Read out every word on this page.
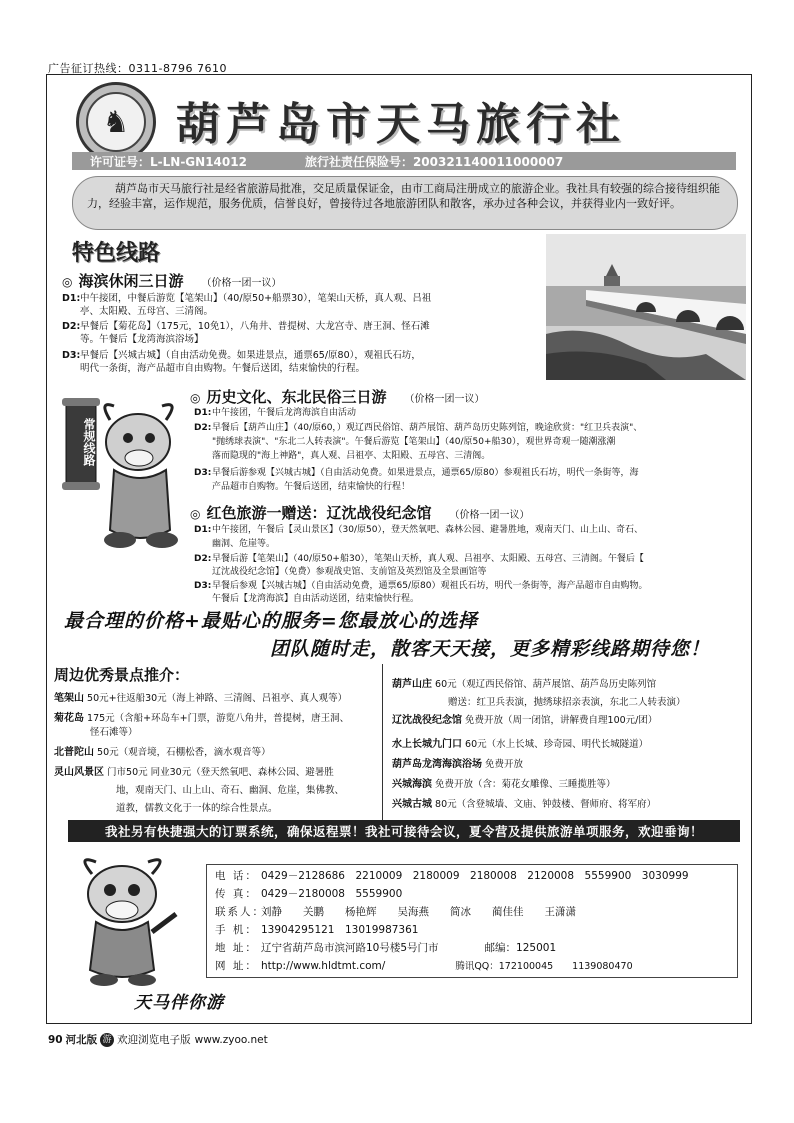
广告征订热线：0311-8796 7610
♞	葫芦岛市天马旅行社
许可证号：L-LN-GN14012	旅行社责任保险号：200321140011000007
葫芦岛市天马旅行社是经省旅游局批准，交足质量保证金，由市工商局注册成立的旅游企业。我社具有较强的综合接待组织能力，经验丰富，运作规范，服务优质，信誉良好，曾接待过各地旅游团队和散客，承办过各种会议，并获得业内一致好评。
特色线路
◎ 海滨休闲三日游 （价格一团一议）
D1:中午接团，中餐后游览【笔架山】（40/原50+船票30），笔架山天桥，真人观、吕祖
亭、太阳殿、五母宫、三清阁。
D2:早餐后【菊花岛】（175元，10免1），八角井、普提树、大龙宫寺、唐王洞、怪石滩
等。午餐后【龙湾海滨浴场】
D3:早餐后【兴城古城】（自由活动免费。如果进景点，通票65/原80），观祖氏石坊，
明代一条街，海产品超市自由购物。午餐后送团，结束愉快的行程。
常规线路
◎ 历史文化、东北民俗三日游 （价格一团一议）
D1:中午接团，午餐后龙湾海滨自由活动
D2:早餐后【葫芦山庄】（40/原60，）观辽西民俗馆、葫芦展馆、葫芦岛历史陈列馆，晚途欣赏："红卫兵表演"、
"抛绣球表演"、"东北二人转表演"。午餐后游览【笔架山】（40/原50+船30），观世界奇观一随潮涨潮
落而隐现的"海上神路"，真人观、吕祖亭、太阳殿、五母宫、三清阁。
D3:早餐后游参观【兴城古城】（自由活动免费。如果进景点，通票65/原80）参观祖氏石坊，明代一条街等，海
产品超市自购物。午餐后送团，结束愉快的行程！
◎ 红色旅游一赠送：辽沈战役纪念馆 （价格一团一议）
D1:中午接团，午餐后【灵山景区】（30/原50），登天然氧吧、森林公园、避暑胜地，观南天门、山上山、奇石、
幽洞、危崖等。
D2:早餐后游【笔架山】（40/原50+船30），笔架山天桥，真人观、吕祖亭、太阳殿、五母宫、三清阁。午餐后【
辽沈战役纪念馆】（免费）参观战史馆、支前馆及英烈馆及全景画馆等
D3:早餐后参观【兴城古城】（自由活动免费，通票65/原80）观祖氏石坊，明代一条街等，海产品超市自由购物。
午餐后【龙湾海滨】自由活动送团，结束愉快行程。
最合理的价格+最贴心的服务=您最放心的选择
团队随时走，散客天天接，更多精彩线路期待您！
周边优秀景点推介：
笔架山 50元+往返船30元（海上神路、三清阁、吕祖亭、真人观等）
菊花岛 175元（含船+环岛车+门票，游览八角井，普提树，唐王洞、
怪石滩等）
北普陀山 50元（观音境，石棚松香，滴水观音等）
灵山风景区 门市50元 同业30元（登天然氧吧、森林公园、避暑胜
地，观南天门、山上山、奇石、幽洞、危崖，集佛教、
道教，儒教文化于一体的综合性景点。
葫芦山庄 60元（观辽西民俗馆、葫芦展馆、葫芦岛历史陈列馆
赠送：红卫兵表演，抛绣球招亲表演，东北二人转表演）
辽沈战役纪念馆 免费开放（周一闭馆，讲解费自理100元/团）
水上长城九门口 60元（水上长城、珍奇园、明代长城隧道）
葫芦岛龙湾海滨浴场 免费开放
兴城海滨 免费开放（含：菊花女雕像、三睡揽胜等）
兴城古城 80元（含登城墙、文庙、钟鼓楼、督师府、将军府）
我社另有快捷强大的订票系统，确保返程票！我社可接待会议，夏令营及提供旅游单项服务，欢迎垂询！
电 话： 0429－2128686　2210009　2180009　2180008　2120008　5559900　3030999
传 真： 0429－2180008　5559900
联系人：刘静　　关鹏　　杨艳辉　　吴海燕　　简冰　　蔺佳佳　　王潇潇
手 机： 13904295121　13019987361
地 址： 辽宁省葫芦岛市滨河路10号楼5号门市	邮编：125001
网 址： http://www.hldtmt.com/	腾讯QQ：172100045　　1139080470
天马伴你游
90 河北版 游 欢迎浏览电子版 www.zyoo.net
